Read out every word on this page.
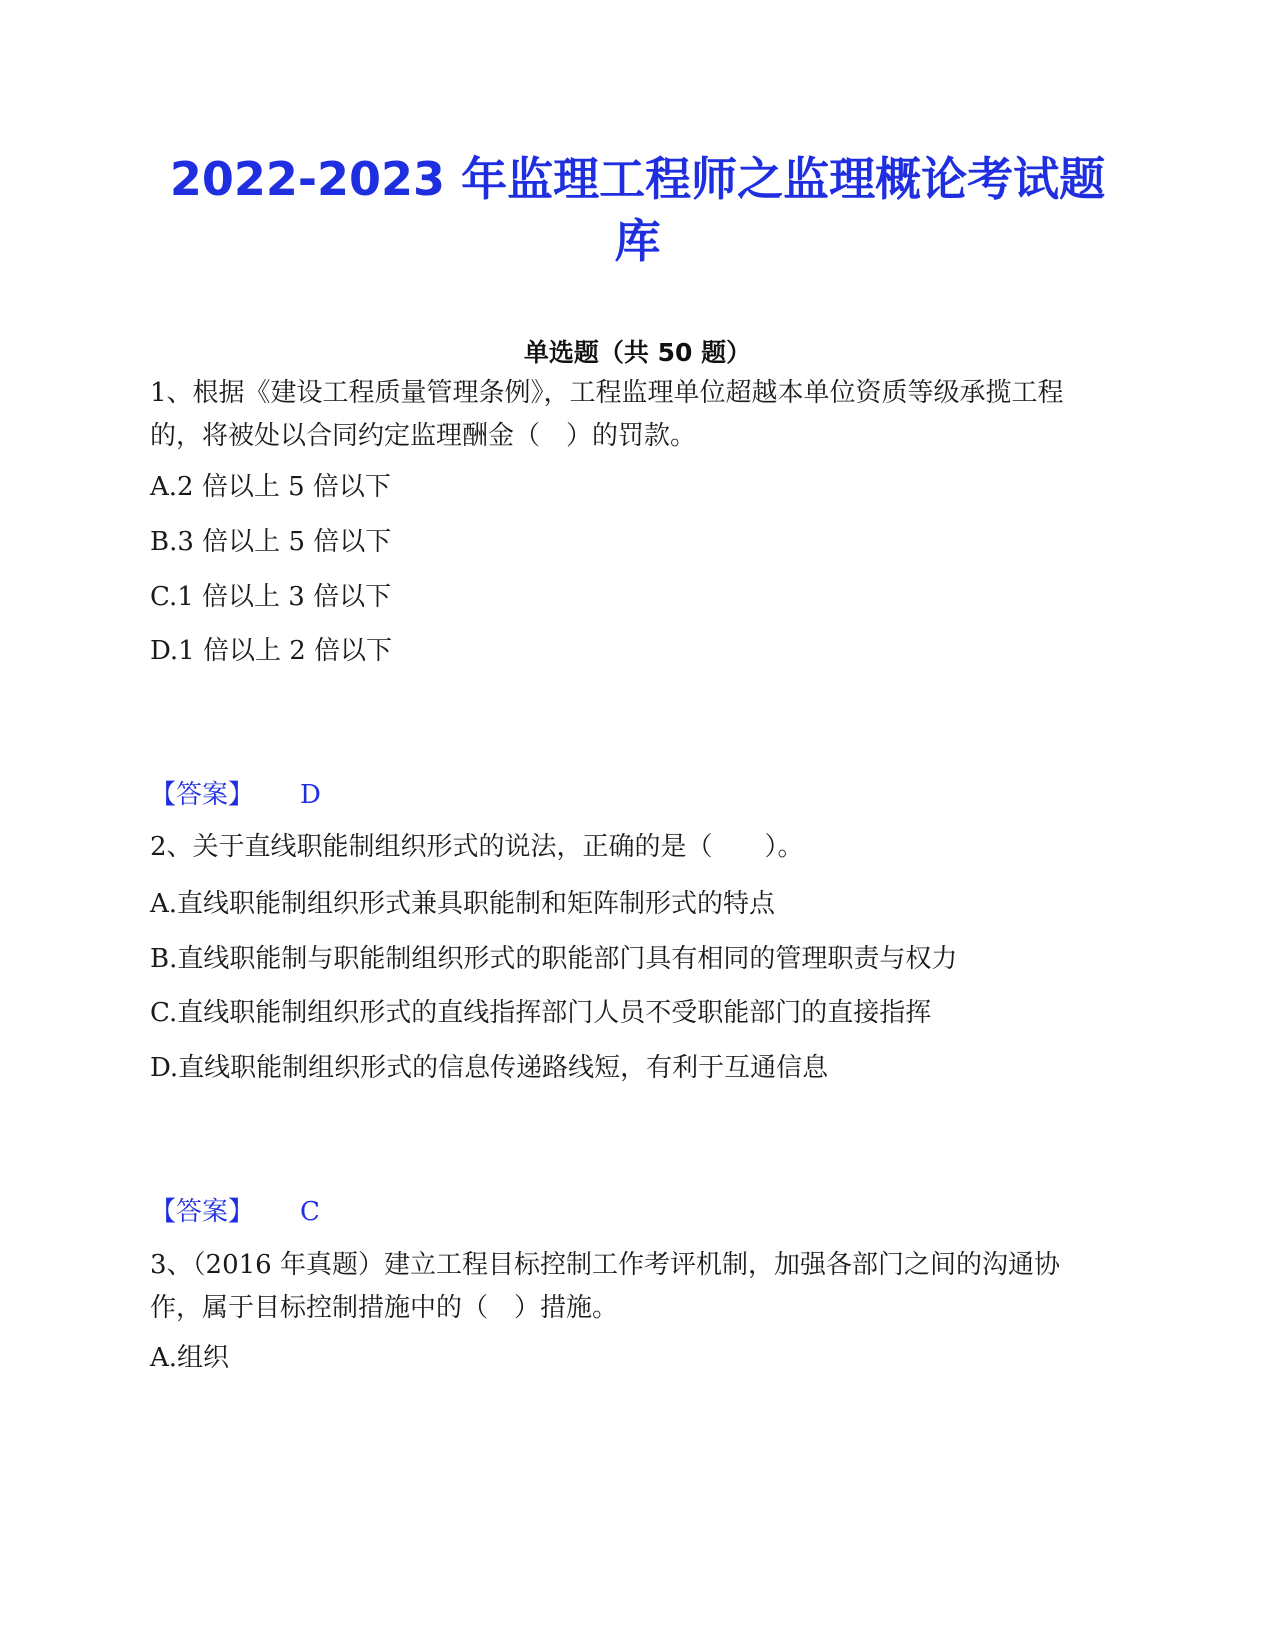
2022-2023 年监理工程师之监理概论考试题库
单选题（共 50 题）

1、根据《建设工程质量管理条例》，工程监理单位超越本单位资质等级承揽工程的，将被处以合同约定监理酬金（　）的罚款。

A.2 倍以上 5 倍以下

B.3 倍以上 5 倍以下

C.1 倍以上 3 倍以下

D.1 倍以上 2 倍以下

【答案】 D

2、关于直线职能制组织形式的说法，正确的是（　　）。

A.直线职能制组织形式兼具职能制和矩阵制形式的特点

B.直线职能制与职能制组织形式的职能部门具有相同的管理职责与权力

C.直线职能制组织形式的直线指挥部门人员不受职能部门的直接指挥

D.直线职能制组织形式的信息传递路线短，有利于互通信息

【答案】 C

3、（2016 年真题）建立工程目标控制工作考评机制，加强各部门之间的沟通协作，属于目标控制措施中的（　）措施。

A.组织
